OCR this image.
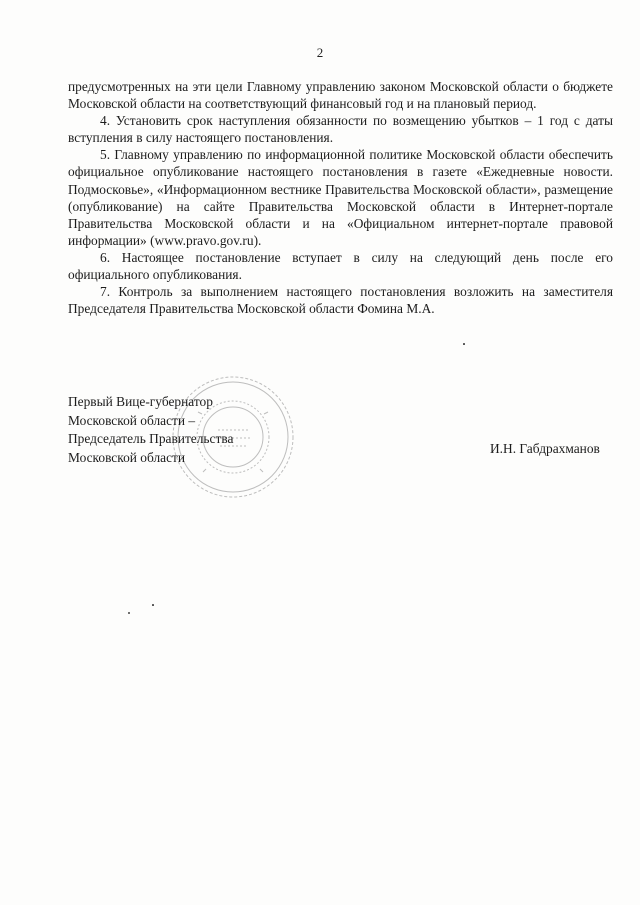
2

предусмотренных на эти цели Главному управлению законом Московской области о бюджете Московской области на соответствующий финансовый год и на плановый период.

4. Установить срок наступления обязанности по возмещению убытков – 1 год с даты вступления в силу настоящего постановления.

5. Главному управлению по информационной политике Московской области обеспечить официальное опубликование настоящего постановления в газете «Ежедневные новости. Подмосковье», «Информационном вестнике Правительства Московской области», размещение (опубликование) на сайте Правительства Московской области в Интернет-портале Правительства Московской области и на «Официальном интернет-портале правовой информации» (www.pravo.gov.ru).

6. Настоящее постановление вступает в силу на следующий день после его официального опубликования.

7. Контроль за выполнением настоящего постановления возложить на заместителя Председателя Правительства Московской области Фомина М.А.

Первый Вице-губернатор
Московской области –
Председатель Правительства
Московской области
И.Н. Габдрахманов
